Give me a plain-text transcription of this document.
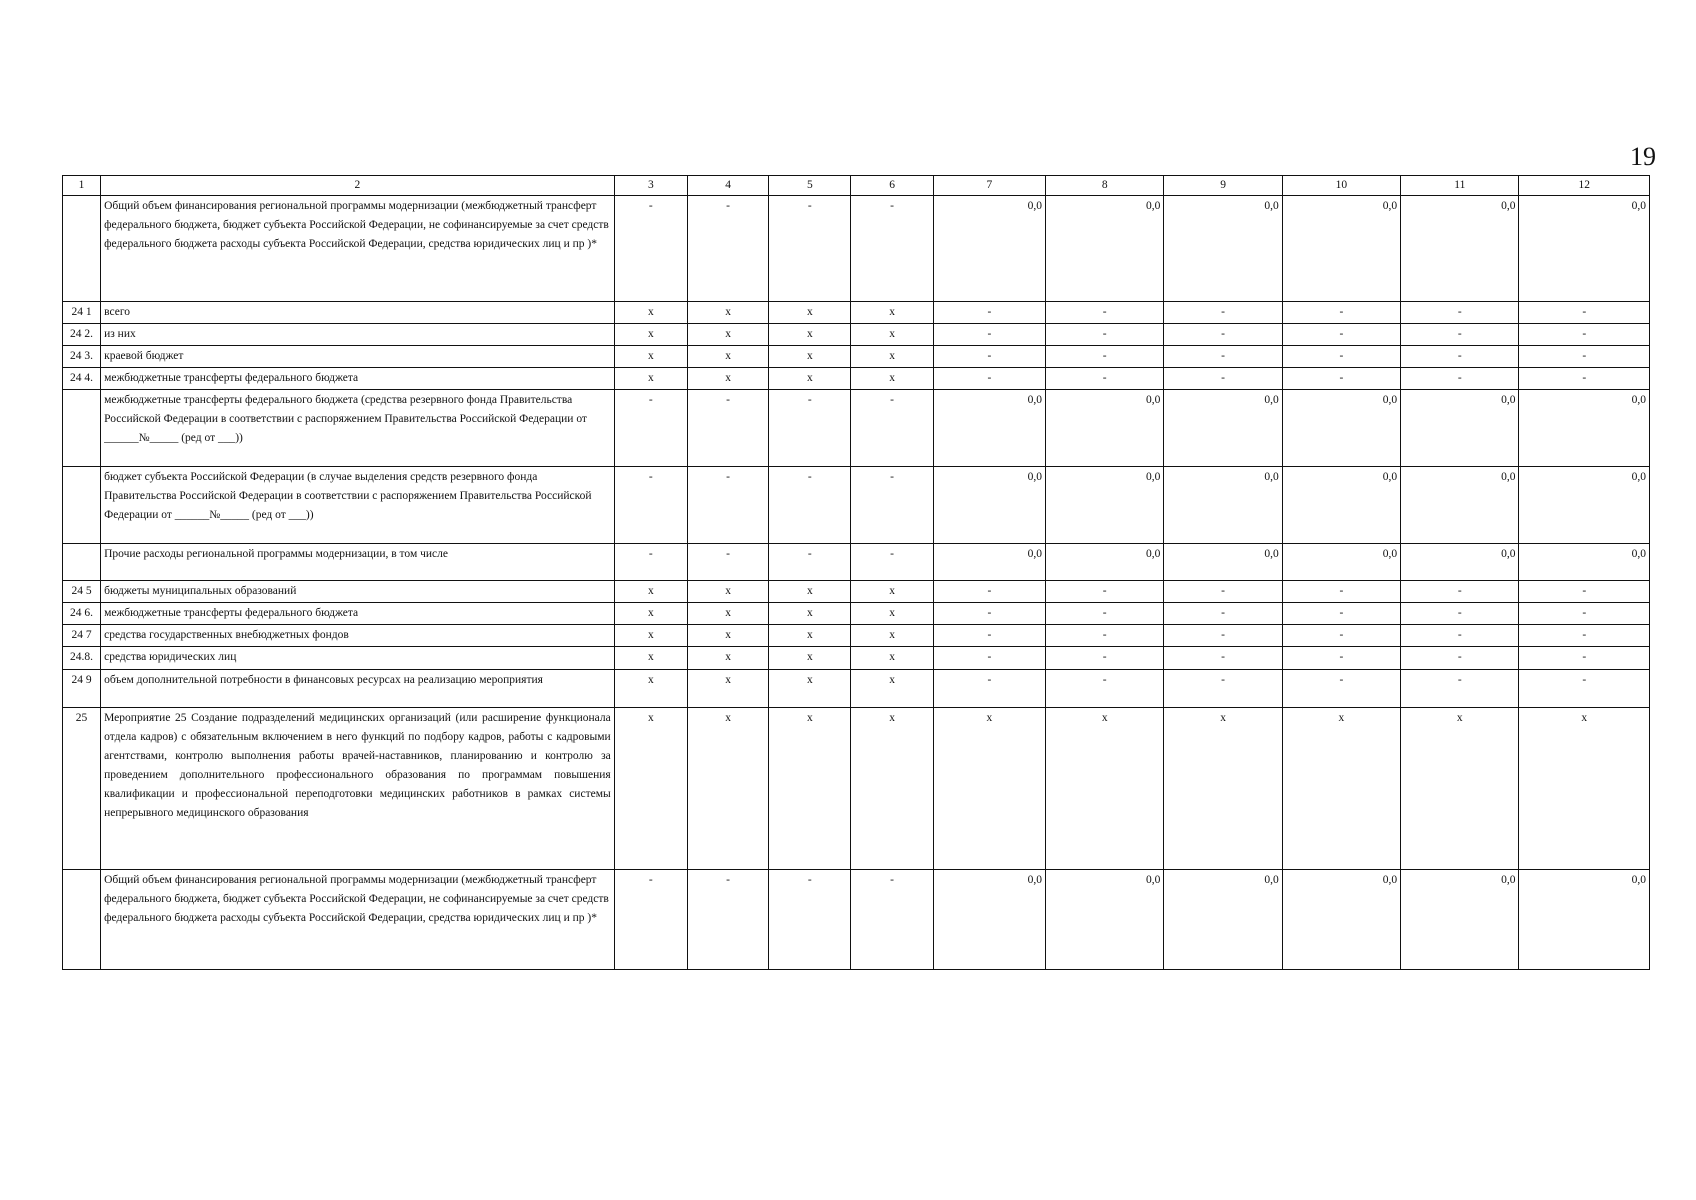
19
1	2	3	4	5	6	7	8	9	10	11	12
	Общий объем финансирования региональной программы модернизации (межбюджетный трансферт федерального бюджета, бюджет субъекта Российской Федерации, не софинансируемые за счет средств федерального бюджета расходы субъекта Российской Федерации, средства юридических лиц и пр )*	-	-	-	-	0,0	0,0	0,0	0,0	0,0	0,0
24 1	всего	x	x	x	x	-	-	-	-	-	-
24 2.	из них	x	x	x	x	-	-	-	-	-	-
24 3.	краевой бюджет	x	x	x	x	-	-	-	-	-	-
24 4.	межбюджетные трансферты федерального бюджета	x	x	x	x	-	-	-	-	-	-
	межбюджетные трансферты федерального бюджета (средства резервного фонда Правительства Российской Федерации в соответствии с распоряжением Правительства Российской Федерации от ______№_____ (ред от ___))	-	-	-	-	0,0	0,0	0,0	0,0	0,0	0,0
	бюджет субъекта Российской Федерации (в случае выделения средств резервного фонда Правительства Российской Федерации в соответствии с распоряжением Правительства Российской Федерации от ______№_____ (ред от ___))	-	-	-	-	0,0	0,0	0,0	0,0	0,0	0,0
	Прочие расходы региональной программы модернизации, в том числе	-	-	-	-	0,0	0,0	0,0	0,0	0,0	0,0
24 5	бюджеты муниципальных образований	x	x	x	x	-	-	-	-	-	-
24 6.	межбюджетные трансферты федерального бюджета	x	x	x	x	-	-	-	-	-	-
24 7	средства государственных внебюджетных фондов	x	x	x	x	-	-	-	-	-	-
24.8.	средства юридических лиц	x	x	x	x	-	-	-	-	-	-
24 9	объем дополнительной потребности в финансовых ресурсах на реализацию мероприятия	x	x	x	x	-	-	-	-	-	-
25	Мероприятие 25 Создание подразделений медицинских организаций (или расширение функционала отдела кадров) с обязательным включением в него функций по подбору кадров, работы с кадровыми агентствами, контролю выполнения работы врачей-наставников, планированию и контролю за проведением дополнительного профессионального образования по программам повышения квалификации и профессиональной переподготовки медицинских работников в рамках системы непрерывного медицинского образования	x	x	x	x	x	x	x	x	x	x
	Общий объем финансирования региональной программы модернизации (межбюджетный трансферт федерального бюджета, бюджет субъекта Российской Федерации, не софинансируемые за счет средств федерального бюджета расходы субъекта Российской Федерации, средства юридических лиц и пр )*	-	-	-	-	0,0	0,0	0,0	0,0	0,0	0,0
